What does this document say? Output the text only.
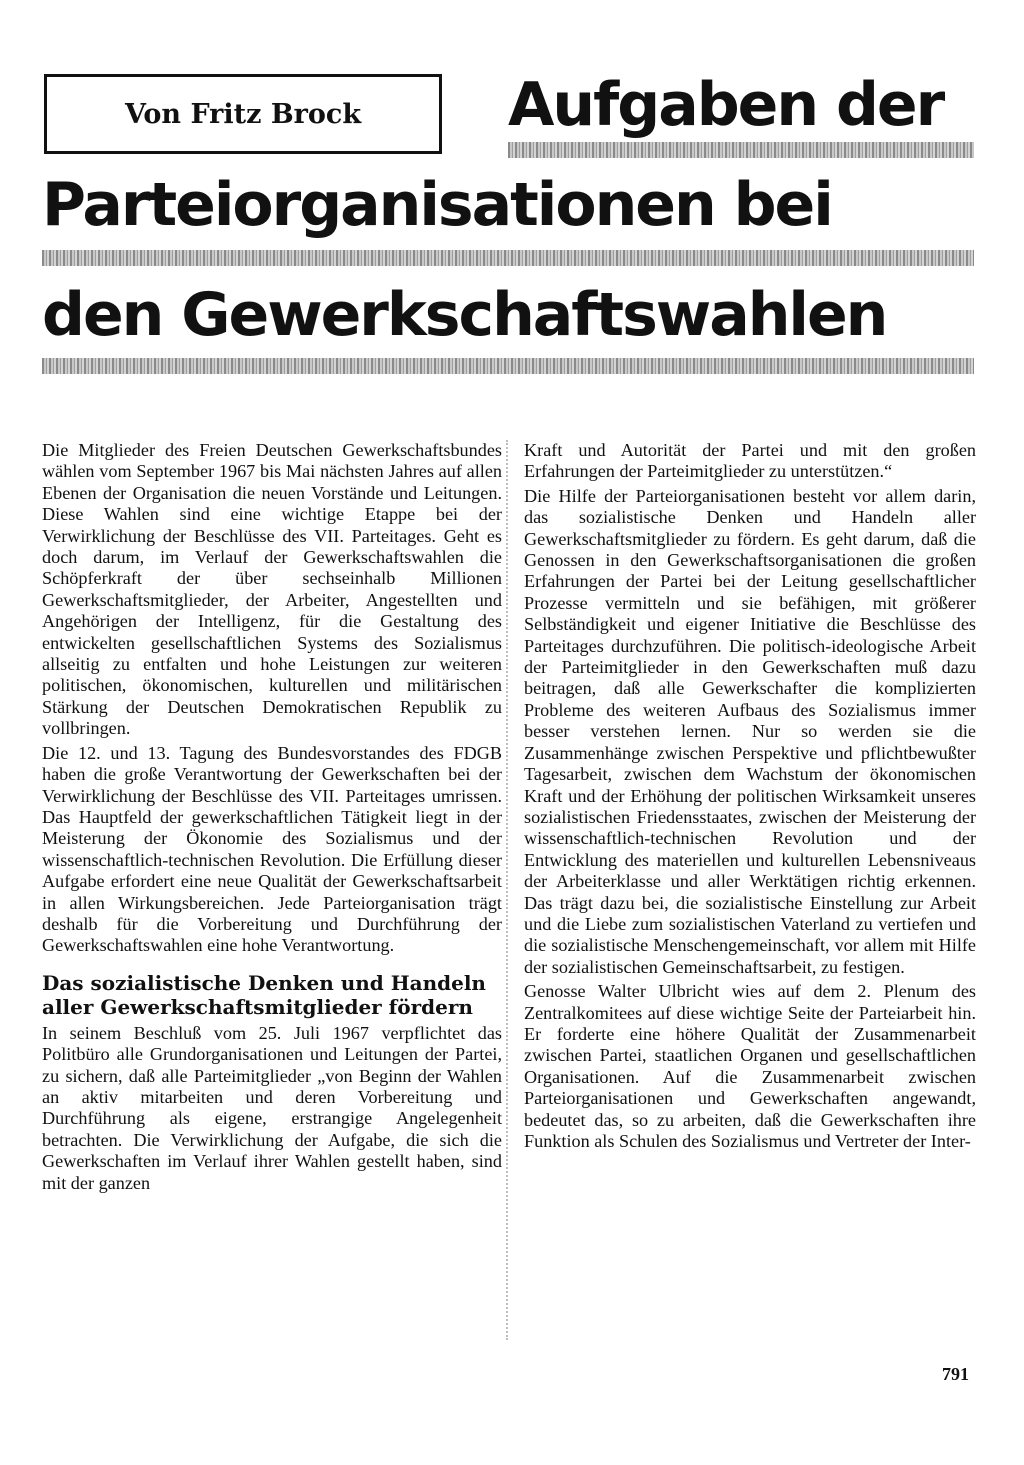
Von Fritz Brock Aufgaben der
Parteiorganisationen bei
den Gewerkschaftswahlen

Die Mitglieder des Freien Deutschen Gewerkschaftsbundes wählen vom September 1967 bis Mai nächsten Jahres auf allen Ebenen der Organisation die neuen Vorstände und Leitungen. Diese Wahlen sind eine wichtige Etappe bei der Verwirklichung der Beschlüsse des VII. Parteitages. Geht es doch darum, im Verlauf der Gewerkschaftswahlen die Schöpferkraft der über sechseinhalb Millionen Gewerkschaftsmitglieder, der Arbeiter, Angestellten und Angehörigen der Intelligenz, für die Gestaltung des entwickelten gesellschaftlichen Systems des Sozialismus allseitig zu entfalten und hohe Leistungen zur weiteren politischen, ökonomischen, kulturellen und militärischen Stärkung der Deutschen Demokratischen Republik zu vollbringen.

Die 12. und 13. Tagung des Bundesvorstandes des FDGB haben die große Verantwortung der Gewerkschaften bei der Verwirklichung der Beschlüsse des VII. Parteitages umrissen. Das Hauptfeld der gewerkschaftlichen Tätigkeit liegt in der Meisterung der Ökonomie des Sozialismus und der wissenschaftlich-technischen Revolution. Die Erfüllung dieser Aufgabe erfordert eine neue Qualität der Gewerkschaftsarbeit in allen Wirkungsbereichen. Jede Parteiorganisation trägt deshalb für die Vorbereitung und Durchführung der Gewerkschaftswahlen eine hohe Verantwortung.

Das sozialistische Denken und Handeln aller Gewerkschaftsmitglieder fördern

In seinem Beschluß vom 25. Juli 1967 verpflichtet das Politbüro alle Grundorganisationen und Leitungen der Partei, zu sichern, daß alle Parteimitglieder „von Beginn der Wahlen an aktiv mitarbeiten und deren Vorbereitung und Durchführung als eigene, erstrangige Angelegenheit betrachten. Die Verwirklichung der Aufgabe, die sich die Gewerkschaften im Verlauf ihrer Wahlen gestellt haben, sind mit der ganzen

Kraft und Autorität der Partei und mit den großen Erfahrungen der Parteimitglieder zu unterstützen.“

Die Hilfe der Parteiorganisationen besteht vor allem darin, das sozialistische Denken und Handeln aller Gewerkschaftsmitglieder zu fördern. Es geht darum, daß die Genossen in den Gewerkschaftsorganisationen die großen Erfahrungen der Partei bei der Leitung gesellschaftlicher Prozesse vermitteln und sie befähigen, mit größerer Selbständigkeit und eigener Initiative die Beschlüsse des Parteitages durchzuführen. Die politisch-ideologische Arbeit der Parteimitglieder in den Gewerkschaften muß dazu beitragen, daß alle Gewerkschafter die komplizierten Probleme des weiteren Aufbaus des Sozialismus immer besser verstehen lernen. Nur so werden sie die Zusammenhänge zwischen Perspektive und pflichtbewußter Tagesarbeit, zwischen dem Wachstum der ökonomischen Kraft und der Erhöhung der politischen Wirksamkeit unseres sozialistischen Friedensstaates, zwischen der Meisterung der wissenschaftlich-technischen Revolution und der Entwicklung des materiellen und kulturellen Lebensniveaus der Arbeiterklasse und aller Werktätigen richtig erkennen. Das trägt dazu bei, die sozialistische Einstellung zur Arbeit und die Liebe zum sozialistischen Vaterland zu vertiefen und die sozialistische Menschengemeinschaft, vor allem mit Hilfe der sozialistischen Gemeinschaftsarbeit, zu festigen.

Genosse Walter Ulbricht wies auf dem 2. Plenum des Zentralkomitees auf diese wichtige Seite der Parteiarbeit hin. Er forderte eine höhere Qualität der Zusammenarbeit zwischen Partei, staatlichen Organen und gesellschaftlichen Organisationen. Auf die Zusammenarbeit zwischen Parteiorganisationen und Gewerkschaften angewandt, bedeutet das, so zu arbeiten, daß die Gewerkschaften ihre Funktion als Schulen des Sozialismus und Vertreter der Inter-

791
